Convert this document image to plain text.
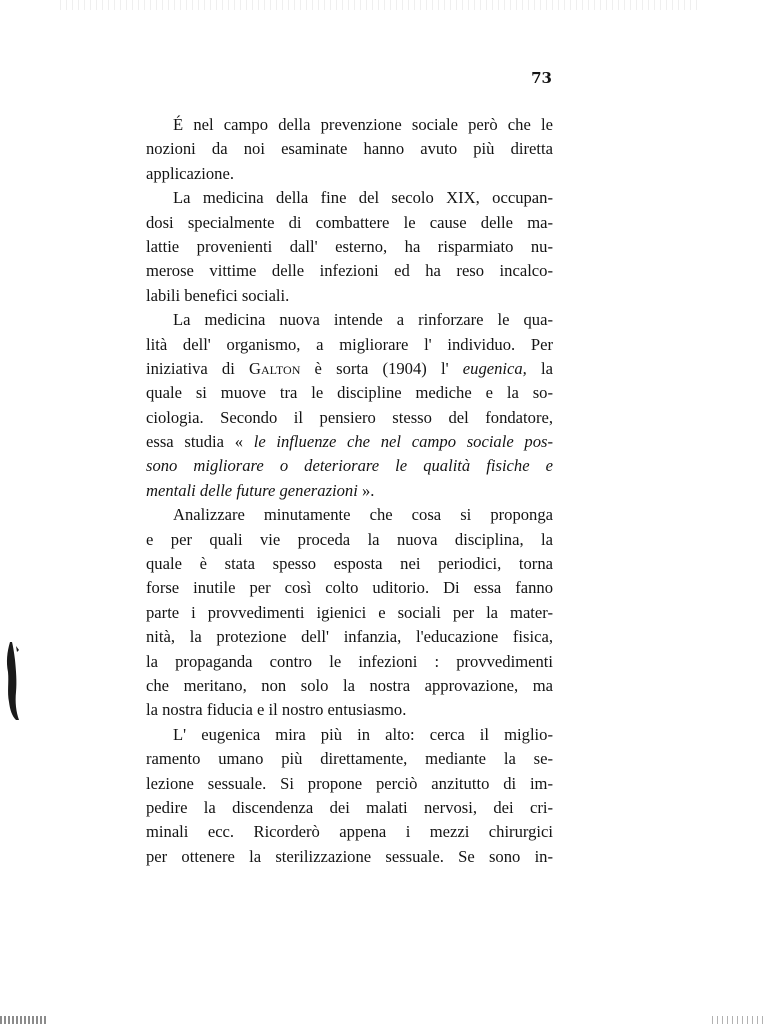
73
É nel campo della prevenzione sociale però che le
nozioni da noi esaminate hanno avuto più diretta
applicazione.
La medicina della fine del secolo XIX, occupan-
dosi specialmente di combattere le cause delle ma-
lattie provenienti dall' esterno, ha risparmiato nu-
merose vittime delle infezioni ed ha reso incalco-
labili benefici sociali.
La medicina nuova intende a rinforzare le qua-
lità dell' organismo, a migliorare l' individuo. Per
iniziativa di Galton è sorta (1904) l' eugenica, la
quale si muove tra le discipline mediche e la so-
ciologia. Secondo il pensiero stesso del fondatore,
essa studia « le influenze che nel campo sociale pos-
sono migliorare o deteriorare le qualità fisiche e
mentali delle future generazioni ».
Analizzare minutamente che cosa si proponga
e per quali vie proceda la nuova disciplina, la
quale è stata spesso esposta nei periodici, torna
forse inutile per così colto uditorio. Di essa fanno
parte i provvedimenti igienici e sociali per la mater-
nità, la protezione dell' infanzia, l'educazione fisica,
la propaganda contro le infezioni : provvedimenti
che meritano, non solo la nostra approvazione, ma
la nostra fiducia e il nostro entusiasmo.
L' eugenica mira più in alto: cerca il miglio-
ramento umano più direttamente, mediante la se-
lezione sessuale. Si propone perciò anzitutto di im-
pedire la discendenza dei malati nervosi, dei cri-
minali ecc. Ricorderò appena i mezzi chirurgici
per ottenere la sterilizzazione sessuale. Se sono in-
